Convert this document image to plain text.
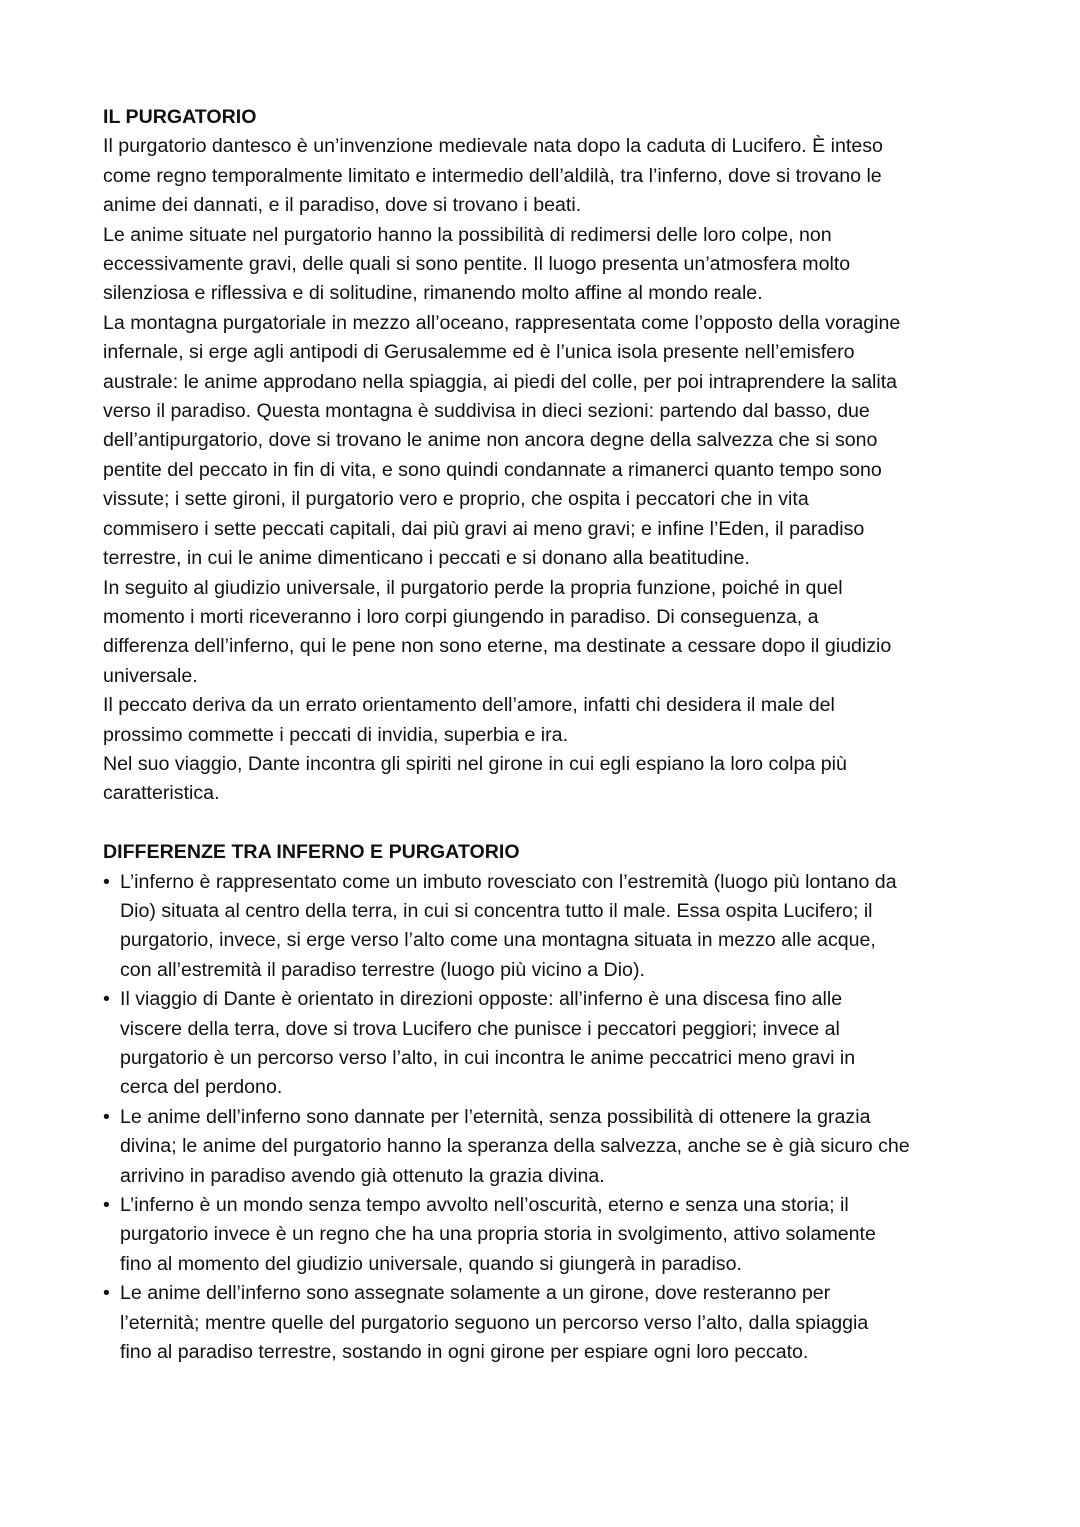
IL PURGATORIO
Il purgatorio dantesco è un’invenzione medievale nata dopo la caduta di Lucifero. È inteso
come regno temporalmente limitato e intermedio dell’aldilà, tra l’inferno, dove si trovano le
anime dei dannati, e il paradiso, dove si trovano i beati.
Le anime situate nel purgatorio hanno la possibilità di redimersi delle loro colpe, non
eccessivamente gravi, delle quali si sono pentite. Il luogo presenta un’atmosfera molto
silenziosa e riflessiva e di solitudine, rimanendo molto affine al mondo reale.
La montagna purgatoriale in mezzo all’oceano, rappresentata come l’opposto della voragine
infernale, si erge agli antipodi di Gerusalemme ed è l’unica isola presente nell’emisfero
australe: le anime approdano nella spiaggia, ai piedi del colle, per poi intraprendere la salita
verso il paradiso. Questa montagna è suddivisa in dieci sezioni: partendo dal basso, due
dell’antipurgatorio, dove si trovano le anime non ancora degne della salvezza che si sono
pentite del peccato in fin di vita, e sono quindi condannate a rimanerci quanto tempo sono
vissute; i sette gironi, il purgatorio vero e proprio, che ospita i peccatori che in vita
commisero i sette peccati capitali, dai più gravi ai meno gravi; e infine l’Eden, il paradiso
terrestre, in cui le anime dimenticano i peccati e si donano alla beatitudine.
In seguito al giudizio universale, il purgatorio perde la propria funzione, poiché in quel
momento i morti riceveranno i loro corpi giungendo in paradiso. Di conseguenza, a
differenza dell’inferno, qui le pene non sono eterne, ma destinate a cessare dopo il giudizio
universale.
Il peccato deriva da un errato orientamento dell’amore, infatti chi desidera il male del
prossimo commette i peccati di invidia, superbia e ira.
Nel suo viaggio, Dante incontra gli spiriti nel girone in cui egli espiano la loro colpa più
caratteristica.
DIFFERENZE TRA INFERNO E PURGATORIO
• L’inferno è rappresentato come un imbuto rovesciato con l’estremità (luogo più lontano da
Dio) situata al centro della terra, in cui si concentra tutto il male. Essa ospita Lucifero; il
purgatorio, invece, si erge verso l’alto come una montagna situata in mezzo alle acque,
con all’estremità il paradiso terrestre (luogo più vicino a Dio).
• Il viaggio di Dante è orientato in direzioni opposte: all’inferno è una discesa fino alle
viscere della terra, dove si trova Lucifero che punisce i peccatori peggiori; invece al
purgatorio è un percorso verso l’alto, in cui incontra le anime peccatrici meno gravi in
cerca del perdono.
• Le anime dell’inferno sono dannate per l’eternità, senza possibilità di ottenere la grazia
divina; le anime del purgatorio hanno la speranza della salvezza, anche se è già sicuro che
arrivino in paradiso avendo già ottenuto la grazia divina.
• L’inferno è un mondo senza tempo avvolto nell’oscurità, eterno e senza una storia; il
purgatorio invece è un regno che ha una propria storia in svolgimento, attivo solamente
fino al momento del giudizio universale, quando si giungerà in paradiso.
• Le anime dell’inferno sono assegnate solamente a un girone, dove resteranno per
l’eternità; mentre quelle del purgatorio seguono un percorso verso l’alto, dalla spiaggia
fino al paradiso terrestre, sostando in ogni girone per espiare ogni loro peccato.
